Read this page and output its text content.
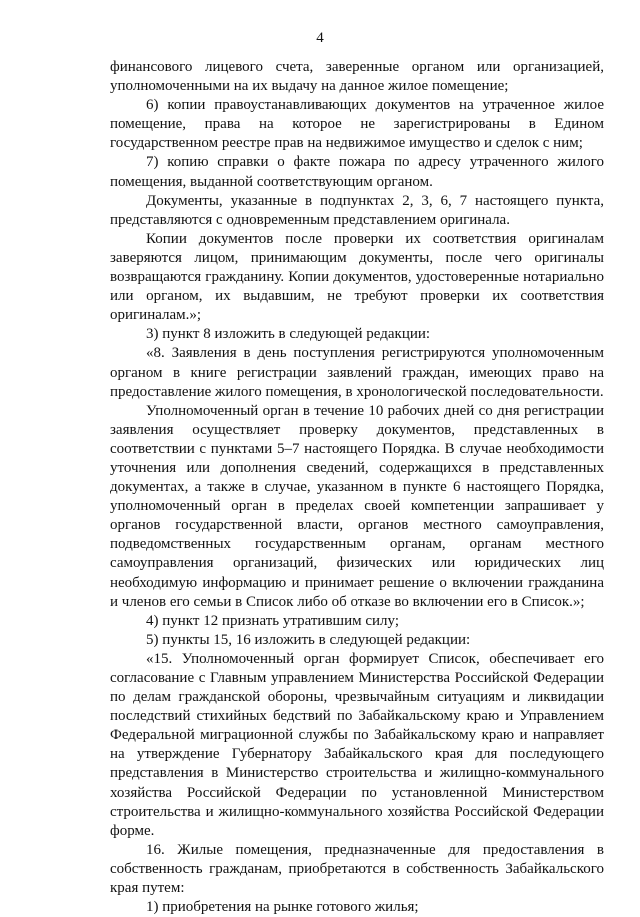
4

финансового лицевого счета, заверенные органом или организацией, уполномоченными на их выдачу на данное жилое помещение;

6) копии правоустанавливающих документов на утраченное жилое помещение, права на которое не зарегистрированы в Едином государственном реестре прав на недвижимое имущество и сделок с ним;

7) копию справки о факте пожара по адресу утраченного жилого помещения, выданной соответствующим органом.

Документы, указанные в подпунктах 2, 3, 6, 7 настоящего пункта, представляются с одновременным представлением оригинала.

Копии документов после проверки их соответствия оригиналам заверяются лицом, принимающим документы, после чего оригиналы возвращаются гражданину. Копии документов, удостоверенные нотариально или органом, их выдавшим, не требуют проверки их соответствия оригиналам.»;

3) пункт 8 изложить в следующей редакции:

«8. Заявления в день поступления регистрируются уполномоченным органом в книге регистрации заявлений граждан, имеющих право на предоставление жилого помещения, в хронологической последовательности.

Уполномоченный орган в течение 10 рабочих дней со дня регистрации заявления осуществляет проверку документов, представленных в соответствии с пунктами 5–7 настоящего Порядка. В случае необходимости уточнения или дополнения сведений, содержащихся в представленных документах, а также в случае, указанном в пункте 6 настоящего Порядка, уполномоченный орган в пределах своей компетенции запрашивает у органов государственной власти, органов местного самоуправления, подведомственных государственным органам, органам местного самоуправления организаций, физических или юридических лиц необходимую информацию и принимает решение о включении гражданина и членов его семьи в Список либо об отказе во включении его в Список.»;

4) пункт 12 признать утратившим силу;

5) пункты 15, 16 изложить в следующей редакции:

«15. Уполномоченный орган формирует Список, обеспечивает его согласование с Главным управлением Министерства Российской Федерации по делам гражданской обороны, чрезвычайным ситуациям и ликвидации последствий стихийных бедствий по Забайкальскому краю и Управлением Федеральной миграционной службы по Забайкальскому краю и направляет на утверждение Губернатору Забайкальского края для последующего представления в Министерство строительства и жилищно-коммунального хозяйства Российской Федерации по установленной Министерством строительства и жилищно-коммунального хозяйства Российской Федерации форме.

16. Жилые помещения, предназначенные для предоставления в собственность гражданам, приобретаются в собственность Забайкальского края путем:

1) приобретения на рынке готового жилья;
